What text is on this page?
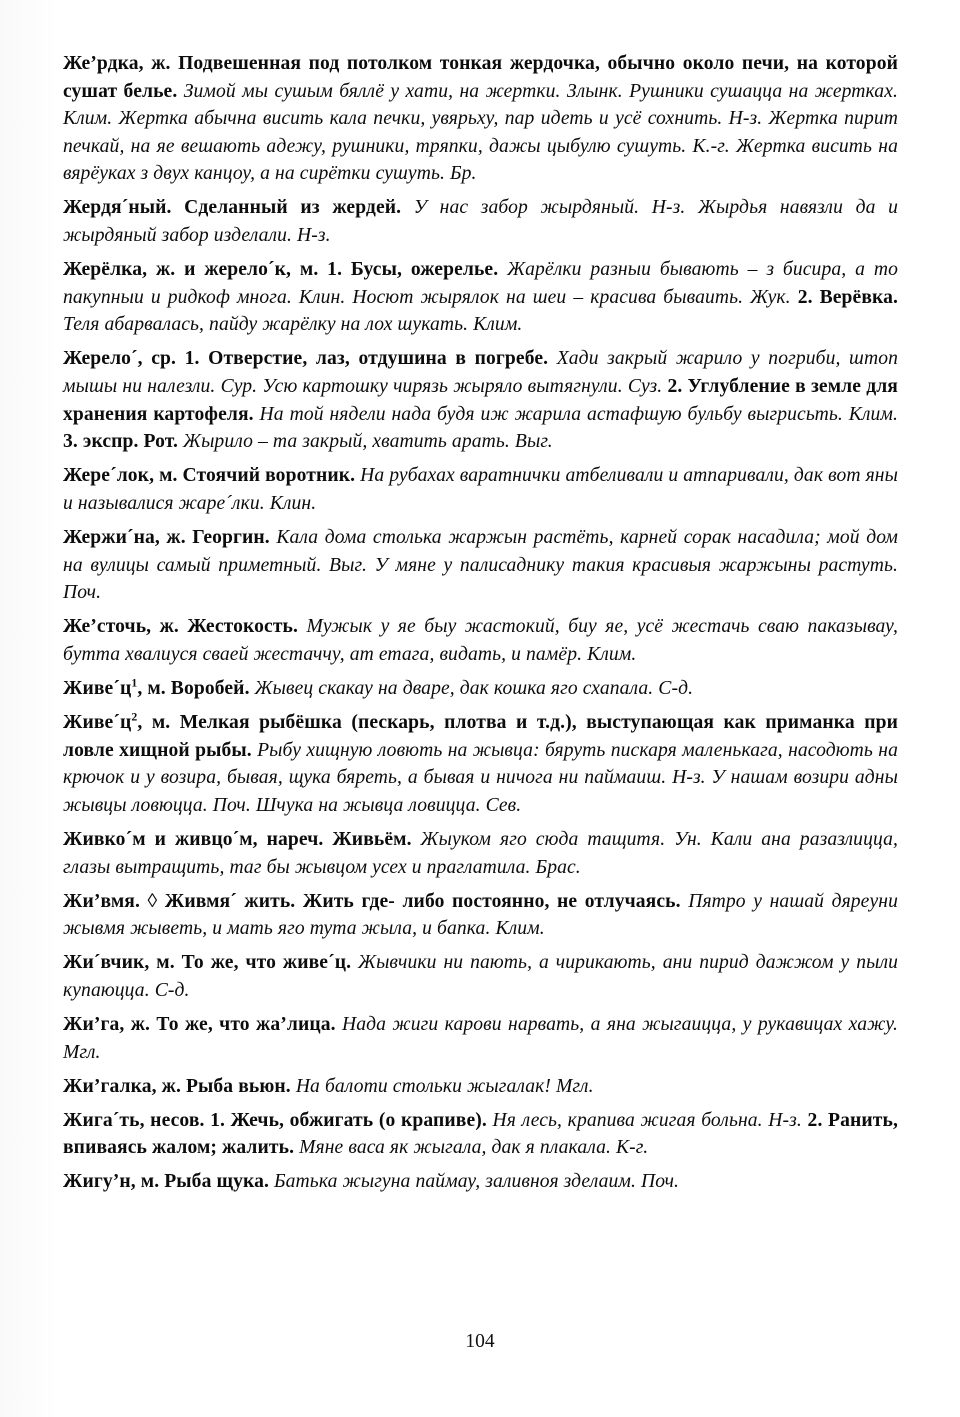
Же’рдка, ж. Подвешенная под потолком тонкая жердочка, обычно около печи, на которой сушат белье. Зимой мы сушым бяллё у хати, на жертки. Злынк. Рушники сушацца на жертках. Клим. Жертка абычна висить кала печки, увярьху, пар идеть и усё сохнить. Н-з. Жертка пирит печкай, на яе вешають адежу, рушники, тряпки, дажы цыбулю сушуть. К.-г. Жертка висить на вярёуках з двух канцоу, а на сирётки сушуть. Бр.

Жердя´ный. Сделанный из жердей. У нас забор жырдяный. Н-з. Жырдья навязли да и жырдяный забор изделали. Н-з.

Жерёлка, ж. и жерело´к, м. 1. Бусы, ожерелье. Жарёлки разныи бывають – з бисира, а то пакупныи и ридкоф многа. Клин. Носют жырялок на шеи – красива бываить. Жук. 2. Верёвка. Теля абарвалась, пайду жарёлку на лох шукать. Клим.

Жерело´, ср. 1. Отверстие, лаз, отдушина в погребе. Хади закрый жарило у погриби, штоп мышы ни налезли. Сур. Усю картошку чирязь жыряло вытягнули. Суз. 2. Углубление в земле для хранения картофеля. На той нядели нада будя иж жарила астафшую бульбу выгрисьть. Клим. 3. экспр. Рот. Жырило – та закрый, хватить арать. Выг.

Жере´лок, м. Стоячий воротник. На рубахах варатнички атбеливали и атпаривали, дак вот яны и называлися жаре´лки. Клин.

Жержи´на, ж. Георгин. Кала дома столька жаржын растёть, карней сорак насадила; мой дом на вулицы самый приметный. Выг. У мяне у палисаднику такия красивыя жаржыны растуть. Поч.

Же’сточь, ж. Жестокость. Мужык у яе быу жастокий, биу яе, усё жестачь сваю паказывау, бутта хвалиуся сваей жестаччу, ат етага, видать, и памёр. Клим.

$Живе´ц^1$, м. Воробей. Жывец скакау на дваре, дак кошка яго схапала. С-д.

$Живе´ц^2$, м. Мелкая рыбёшка (пескарь, плотва и т.д.), выступающая как приманка при ловле хищной рыбы. Рыбу хищную ловють на жывца: бяруть пискаря маленькага, насодють на крючок и у возира, бывая, щука бяреть, а бывая и ничога ни паймаиш. Н-з. У нашам возири адны жывцы ловюцца. Поч. Шчука на жывца ловицца. Сев.

Живко´м и живцо´м, нареч. Живьём. Жыуком яго сюда тащитя. Ун. Кали ана разазлицца, глазы вытращить, таг бы жывцом усех и праглатила. Брас.

Жи’вмя. ◊ Живмя´ жить. Жить где- либо постоянно, не отлучаясь. Пятро у нашай дяреуни жывмя жыветь, и мать яго тута жыла, и бапка. Клим.

Жи´вчик, м. То же, что живе´ц. Жывчики ни пають, а чирикають, ани пирид дажжом у пыли купаюцца. С-д.

Жи’га, ж. То же, что жа’лица. Нада жиги карови нарвать, а яна жыгаицца, у рукавицах хажу. Мгл.

Жи’галка, ж. Рыба вьюн. На балоти стольки жыгалак! Мгл.

Жига´ть, несов. 1. Жечь, обжигать (о крапиве). Ня лесь, крапива жигая больна. Н-з. 2. Ранить, впиваясь жалом; жалить. Мяне васа як жыгала, дак я плакала. К-г.

Жигу’н, м. Рыба щука. Батька жыгуна паймау, заливноя зделаим. Поч.

104
